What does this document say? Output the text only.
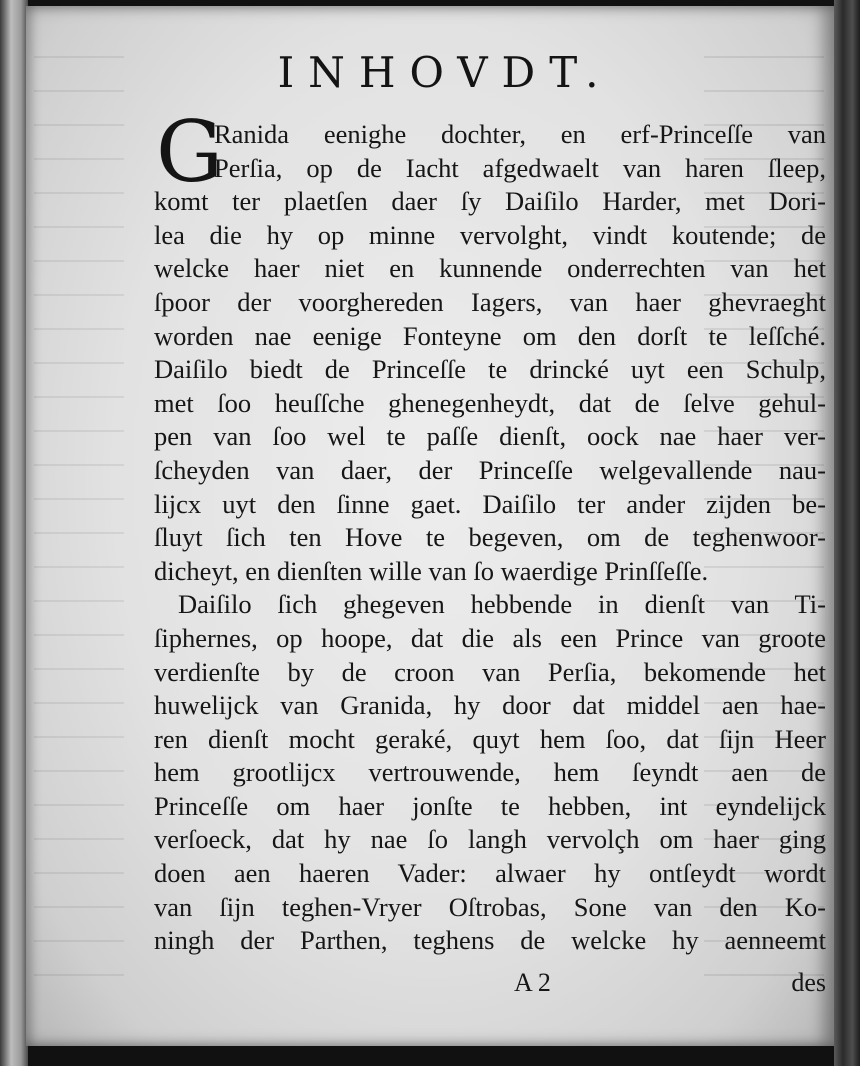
INHOVDT.
G
Ranida eenighe dochter, en erf-Princeſſe van
Perſia, op de Iacht afgedwaelt van haren ſleep,
komt ter plaetſen daer ſy Daiſilo Harder, met Dori-
lea die hy op minne vervolght, vindt koutende; de
welcke haer niet en kunnende onderrechten van het
ſpoor der voorghereden Iagers, van haer ghevraeght
worden nae eenige Fonteyne om den dorſt te leſſché.
Daiſilo biedt de Princeſſe te drincké uyt een Schulp,
met ſoo heuſſche ghenegenheydt, dat de ſelve gehul-
pen van ſoo wel te paſſe dienſt, oock nae haer ver-
ſcheyden van daer, der Princeſſe welgevallende nau-
lijcx uyt den ſinne gaet. Daiſilo ter ander zijden be-
ſluyt ſich ten Hove te begeven, om de teghenwoor-
dicheyt, en dienſten wille van ſo waerdige Prinſſeſſe.
Daiſilo ſich ghegeven hebbende in dienſt van Ti-
ſiphernes, op hoope, dat die als een Prince van groote
verdienſte by de croon van Perſia, bekomende het
huwelijck van Granida, hy door dat middel aen hae-
ren dienſt mocht geraké, quyt hem ſoo, dat ſijn Heer
hem grootlijcx vertrouwende, hem ſeyndt aen de
Princeſſe om haer jonſte te hebben, int eyndelijck
verſoeck, dat hy nae ſo langh vervolçh om haer ging
doen aen haeren Vader: alwaer hy ontſeydt wordt
van ſijn teghen-Vryer Oſtrobas, Sone van den Ko-
ningh der Parthen, teghens de welcke hy aenneemt
A 2	des
